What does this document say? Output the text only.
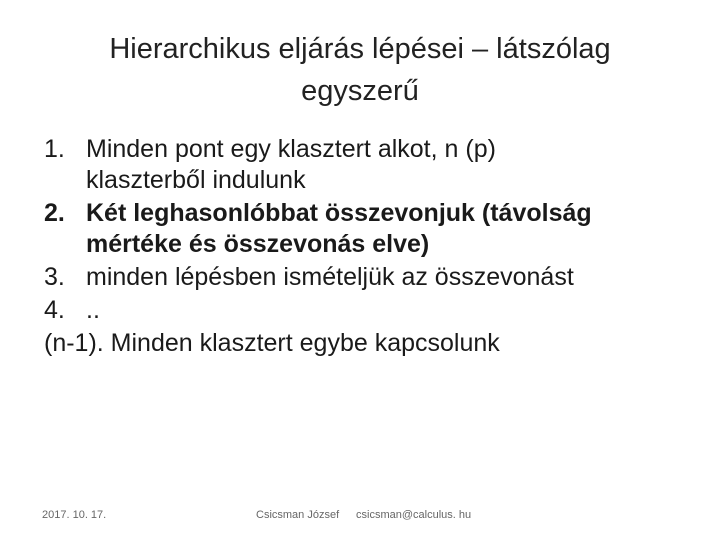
Hierarchikus eljárás lépései – látszólag
egyszerű
1. Minden pont egy klasztert alkot, n (p)
klaszterből indulunk
2. Két leghasonlóbbat összevonjuk (távolság
mértéke és összevonás elve)
3. minden lépésben ismételjük az összevonást
4. ..
(n-1). Minden klasztert egybe kapcsolunk
2017. 10. 17.	Csicsman József csicsman@calculus. hu
